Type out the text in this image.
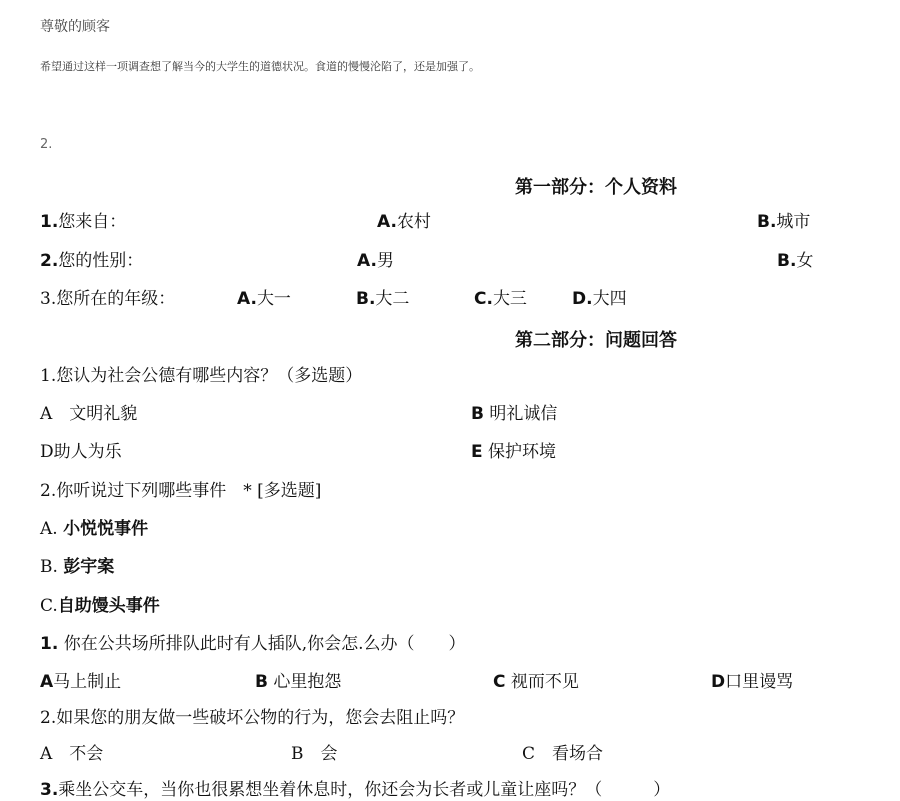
尊敬的顾客
希望通过这样一项调查想了解当今的大学生的道德状况。食道的慢慢沦陷了，还是加强了。
2.
第一部分：个人资料
1.您来自：	A.农村	B.城市
2.您的性别：	A.男	B.女
3.您所在的年级：	A.大一	B.大二	C.大三	D.大四
第二部分：问题回答
1.您认为社会公德有哪些内容？（多选题）
A　文明礼貌	B 明礼诚信
D助人为乐	E 保护环境
2.你听说过下列哪些事件　* [多选题]
A. 小悦悦事件
B. 彭宇案
C.自助馒头事件
1. 你在公共场所排队此时有人插队,你会怎.么办（　　）
A马上制止	B 心里抱怨	C 视而不见	D口里谩骂
2.如果您的朋友做一些破坏公物的行为，您会去阻止吗？
A　不会	B　会	C　看场合
3.乘坐公交车，当你也很累想坐着休息时，你还会为长者或儿童让座吗？（　　　）
